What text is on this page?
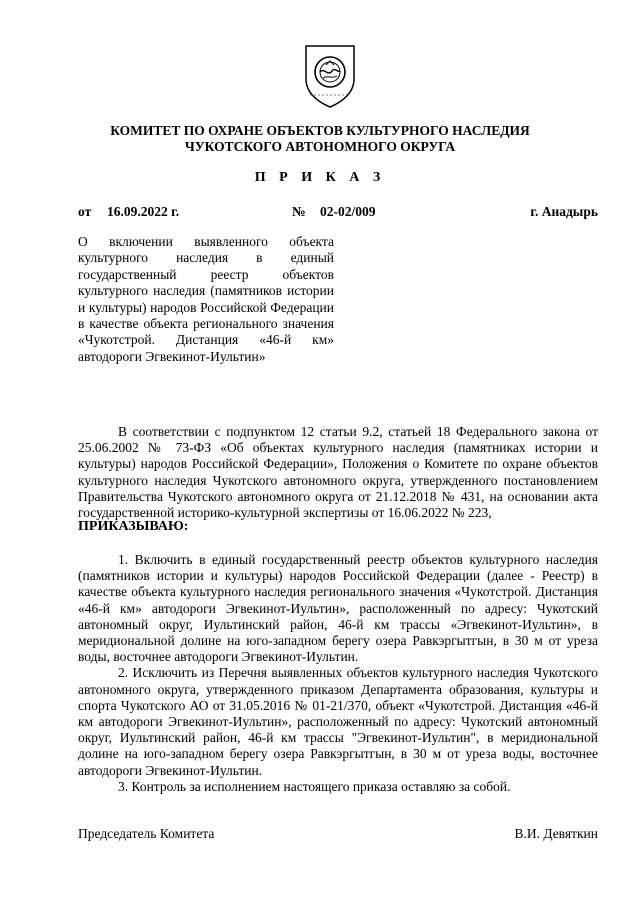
КОМИТЕТ ПО ОХРАНЕ ОБЪЕКТОВ КУЛЬТУРНОГО НАСЛЕДИЯ
ЧУКОТСКОГО АВТОНОМНОГО ОКРУГА
П Р И К А З
от 16.09.2022 г.	№ 02-02/009	г. Анадырь
О включении выявленного объекта культурного наследия в единый государственный реестр объектов культурного наследия (памятников истории и культуры) народов Российской Федерации в качестве объекта регионального значения «Чукотстрой. Дистанция «46-й км» автодороги Эгвекинот-Иультин»

В соответствии с подпунктом 12 статьи 9.2, статьей 18 Федерального закона от 25.06.2002 № 73-ФЗ «Об объектах культурного наследия (памятниках истории и культуры) народов Российской Федерации», Положения о Комитете по охране объектов культурного наследия Чукотского автономного округа, утвержденного постановлением Правительства Чукотского автономного округа от 21.12.2018 № 431, на основании акта государственной историко-культурной экспертизы от 16.06.2022 № 223,

ПРИКАЗЫВАЮ:

1. Включить в единый государственный реестр объектов культурного наследия (памятников истории и культуры) народов Российской Федерации (далее - Реестр) в качестве объекта культурного наследия регионального значения «Чукотстрой. Дистанция «46-й км» автодороги Эгвекинот-Иультин», расположенный по адресу: Чукотский автономный округ, Иультинский район, 46-й км трассы «Эгвекинот-Иультин», в меридиональной долине на юго-западном берегу озера Равкэргытгын, в 30 м от уреза воды, восточнее автодороги Эгвекинот-Иультин.

2. Исключить из Перечня выявленных объектов культурного наследия Чукотского автономного округа, утвержденного приказом Департамента образования, культуры и спорта Чукотского АО от 31.05.2016 № 01-21/370, объект «Чукотстрой. Дистанция «46-й км автодороги Эгвекинот-Иультин», расположенный по адресу: Чукотский автономный округ, Иультинский район, 46-й км трассы "Эгвекинот-Иультин", в меридиональной долине на юго-западном берегу озера Равкэргытгын, в 30 м от уреза воды, восточнее автодороги Эгвекинот-Иультин.

3. Контроль за исполнением настоящего приказа оставляю за собой.

Председатель Комитета	В.И. Девяткин
